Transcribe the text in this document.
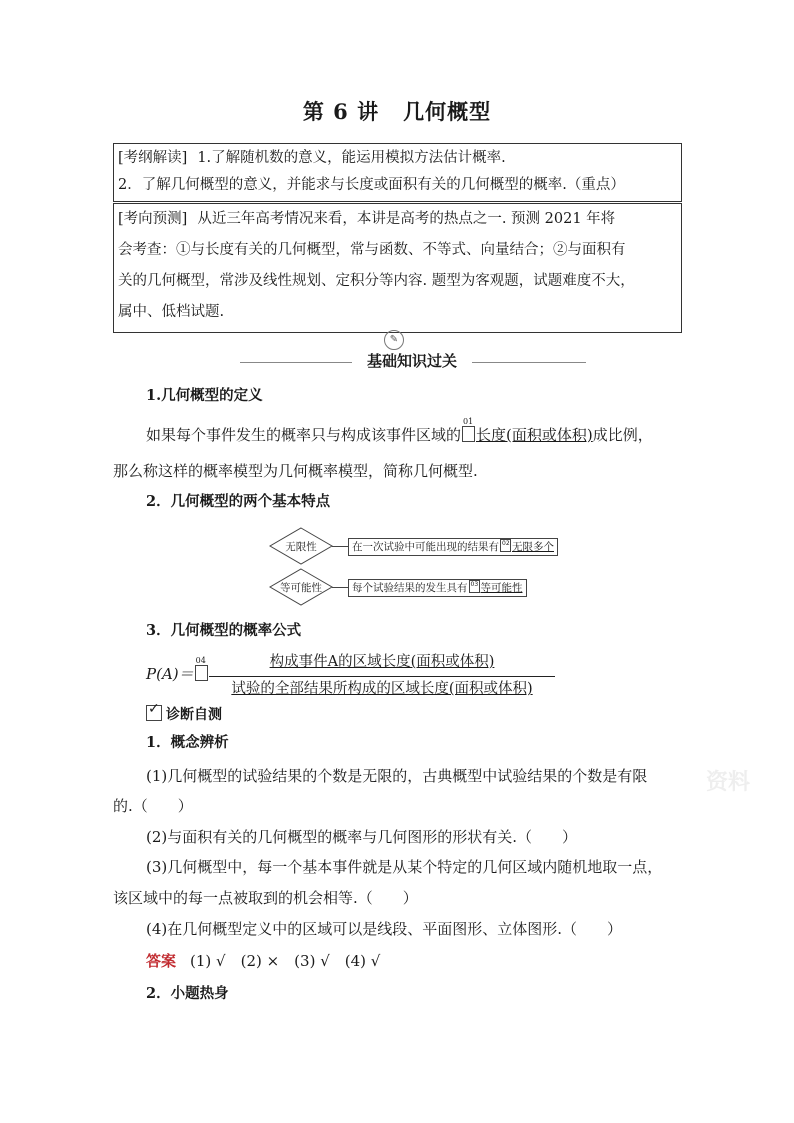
第 6 讲 几何概型
[考纲解读] 1.了解随机数的意义，能运用模拟方法估计概率.
2．了解几何概型的意义，并能求与长度或面积有关的几何概型的概率.（重点）
[考向预测] 从近三年高考情况来看，本讲是高考的热点之一. 预测 2021 年将
会考查：①与长度有关的几何概型，常与函数、不等式、向量结合；②与面积有
关的几何概型，常涉及线性规划、定积分等内容. 题型为客观题，试题难度不大，
属中、低档试题.
✎
基础知识过关
1.几何概型的定义
如果每个事件发生的概率只与构成该事件区域的
01
长度(面积或体积)成比例，
那么称这样的概率模型为几何概率模型，简称几何概型.
2．几何概型的两个基本特点
无限性
等可能性
在一次试验中可能出现的结果有 02 无限多个
每个试验结果的发生具有 03 等可能性
3．几何概型的概率公式
P(A)＝
04	构成事件A的区域长度(面积或体积)
试验的全部结果所构成的区域长度(面积或体积)
✓ 诊断自测
1．概念辨析
(1)几何概型的试验结果的个数是无限的，古典概型中试验结果的个数是有限	资料
的.（　　）
(2)与面积有关的几何概型的概率与几何图形的形状有关.（　　）
(3)几何概型中，每一个基本事件就是从某个特定的几何区域内随机地取一点，
该区域中的每一点被取到的机会相等.（　　）
(4)在几何概型定义中的区域可以是线段、平面图形、立体图形.（　　）
答案 (1) √　(2) ×　(3) √　(4) √
2．小题热身
